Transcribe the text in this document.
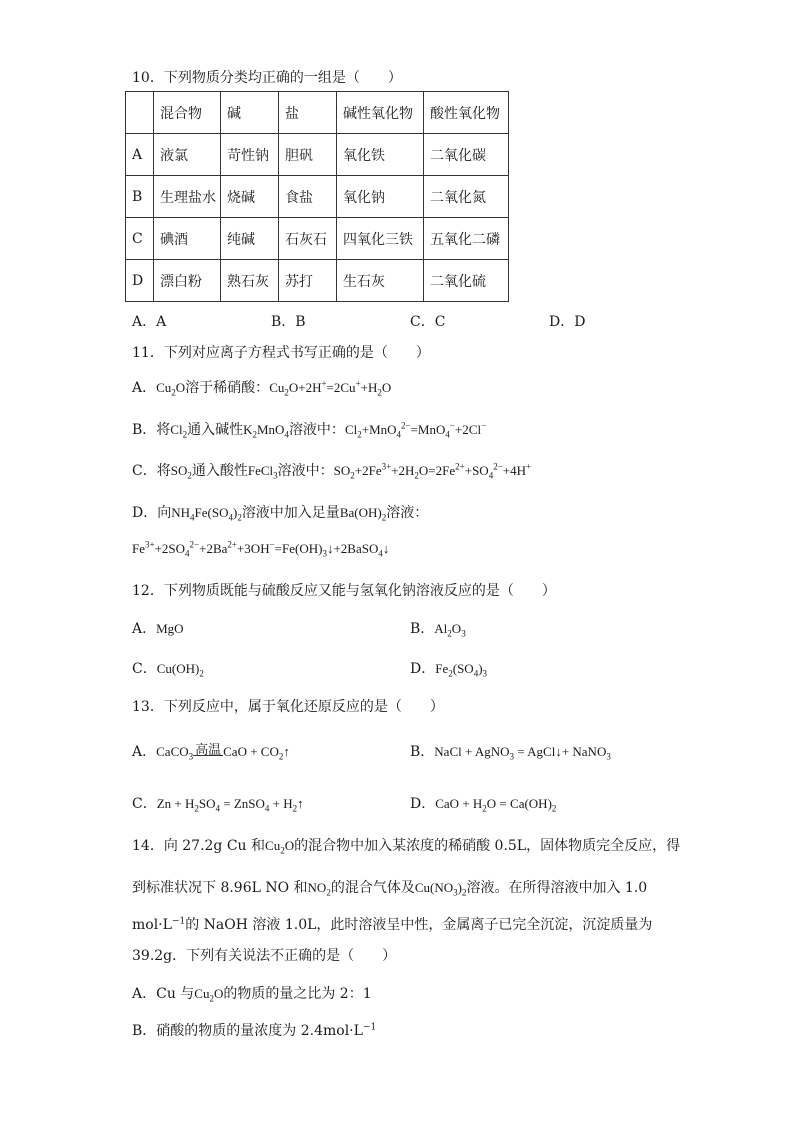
10．下列物质分类均正确的一组是（　　）
	混合物	碱	盐	碱性氧化物	酸性氧化物
A	液氯	苛性钠	胆矾	氧化铁	二氧化碳
B	生理盐水	烧碱	食盐	氧化钠	二氧化氮
C	碘酒	纯碱	石灰石	四氧化三铁	五氧化二磷
D	漂白粉	熟石灰	苏打	生石灰	二氧化硫
A．A	B．B	C．C	D．D
11．下列对应离子方程式书写正确的是（　　）
A．$Cu_2O$溶于稀硝酸：$Cu_2O+2H^+=2Cu^++H_2O$
B．将$Cl_2$通入碱性$K_2MnO_4$溶液中：$Cl_2+MnO_4^{2-}=MnO_4^-+2Cl^-$
C．将$SO_2$通入酸性FeCl$_3$溶液中：$SO_2+2Fe^{3+}+2H_2O=2Fe^{2+}+SO_4^{2-}+4H^+$
D．向$NH_4Fe(SO_4)_2$溶液中加入足量$Ba(OH)_2$溶液：
$Fe^{3+}+2SO_4^{2-}+2Ba^{2+}+3OH^-=Fe(OH)_3↓+2BaSO_4↓$
12．下列物质既能与硫酸反应又能与氢氧化钠溶液反应的是（　　）
A．MgO	B．$Al_2O_3$
C．$Cu(OH)_2$	D．$Fe_2(SO_4)_3$
13．下列反应中，属于氧化还原反应的是（　　）
A．CaCO$_3$ 高温 CaO + $CO_2↑$	B．NaCl + AgNO$_3$ = AgCl↓+ NaNO$_3$
C．$Zn + H_2SO_4$ = ZnSO$_4$ + $H_2↑$	D．CaO + $H_2O = Ca(OH)_2$
14．向 27.2g Cu 和$Cu_2O$的混合物中加入某浓度的稀硝酸 0.5L，固体物质完全反应，得
到标准状况下 8.96L NO 和$NO_2$的混合气体及$Cu(NO_3)_2$溶液。在所得溶液中加入 1.0
$mol\cdot L^{-1}$的 NaOH 溶液 1.0L，此时溶液呈中性，金属离子已完全沉淀，沉淀质量为
39.2g．下列有关说法不正确的是（　　）
A．Cu 与$Cu_2O$的物质的量之比为 2：1
B．硝酸的物质的量浓度为 $2.4mol\cdot L^{-1}$
